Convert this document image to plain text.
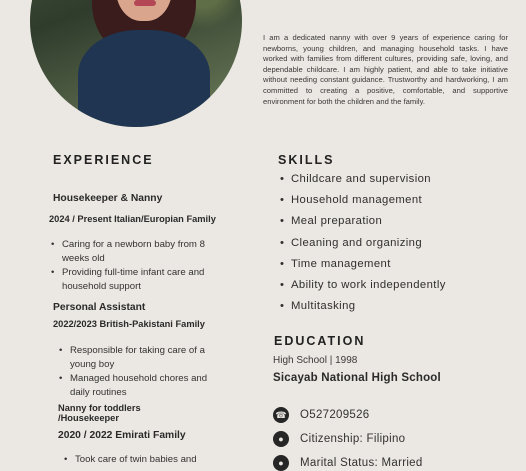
I am a dedicated nanny with over 9 years of experience caring for newborns, young children, and managing household tasks. I have worked with families from different cultures, providing safe, loving, and dependable childcare. I am highly patient, and able to take initiative without needing constant guidance. Trustworthy and hardworking, I am committed to creating a positive, comfortable, and supportive environment for both the children and the family.

EXPERIENCE
Housekeeper & Nanny
2024 / Present Italian/Europian Family
• Caring for a newborn baby from 8 weeks old
• Providing full-time infant care and household support
Personal Assistant
2022/2023 British-Pakistani Family
• Responsible for taking care of a young boy
• Managed household chores and daily routines
Nanny for toddlers /Housekeeper
2020 / 2022 Emirati Family
• Took care of twin babies and
SKILLS
• Childcare and supervision
• Household management
• Meal preparation
• Cleaning and organizing
• Time management
• Ability to work independently
• Multitasking
EDUCATION
High School | 1998
Sicayab National High School
☎ O527209526
●	Citizenship: Filipino
●	Marital Status: Married
